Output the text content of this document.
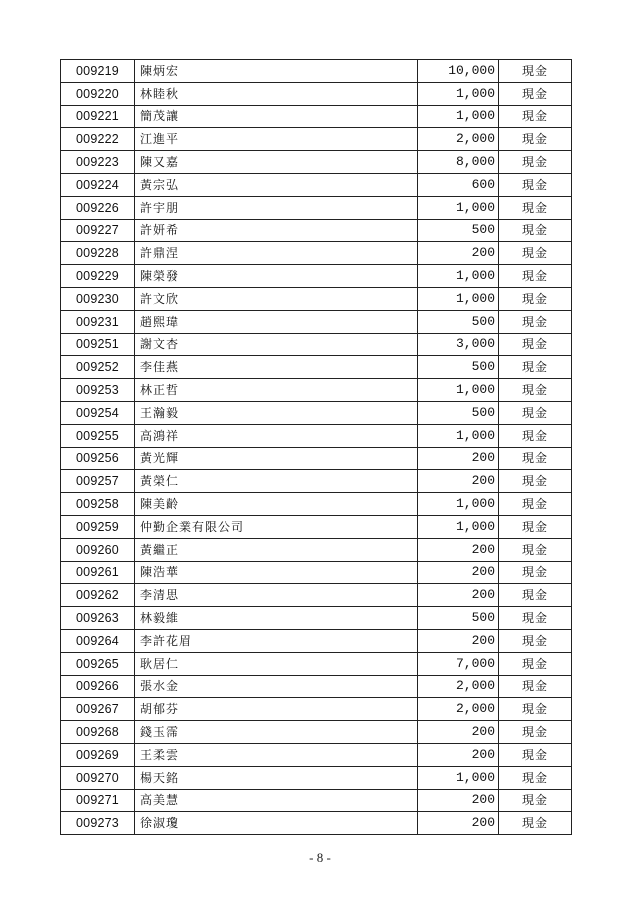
009219	陳炳宏	10,000	現金
009220	林睦秋	1,000	現金
009221	簡茂讓	1,000	現金
009222	江進平	2,000	現金
009223	陳又嘉	8,000	現金
009224	黃宗弘	600	現金
009226	許宇朋	1,000	現金
009227	許妍希	500	現金
009228	許鼎涅	200	現金
009229	陳榮發	1,000	現金
009230	許文欣	1,000	現金
009231	趙熙瑋	500	現金
009251	謝文杏	3,000	現金
009252	李佳燕	500	現金
009253	林正哲	1,000	現金
009254	王瀚毅	500	現金
009255	高鴻祥	1,000	現金
009256	黃光輝	200	現金
009257	黃榮仁	200	現金
009258	陳美齡	1,000	現金
009259	仲勤企業有限公司	1,000	現金
009260	黃繼正	200	現金
009261	陳浩華	200	現金
009262	李清思	200	現金
009263	林毅維	500	現金
009264	李許花眉	200	現金
009265	耿居仁	7,000	現金
009266	張水金	2,000	現金
009267	胡郁芬	2,000	現金
009268	錢玉霈	200	現金
009269	王柔雲	200	現金
009270	楊天銘	1,000	現金
009271	高美慧	200	現金
009273	徐淑瓊	200	現金
- 8 -
